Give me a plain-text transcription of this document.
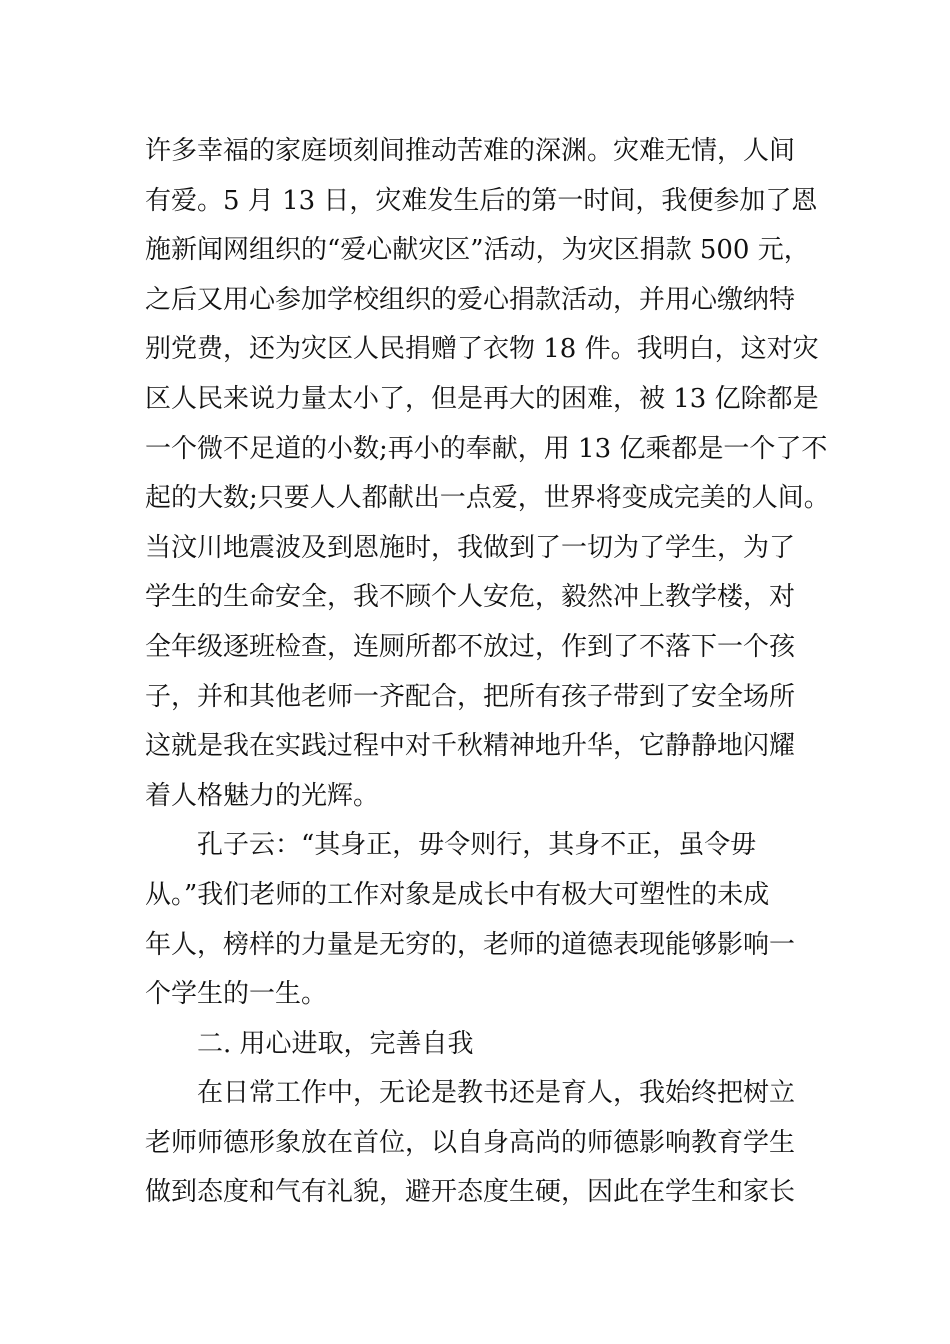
许多幸福的家庭顷刻间推动苦难的深渊。灾难无情，人间
有爱。5 月 13 日，灾难发生后的第一时间，我便参加了恩
施新闻网组织的“爱心献灾区”活动，为灾区捐款 500 元，
之后又用心参加学校组织的爱心捐款活动，并用心缴纳特
别党费，还为灾区人民捐赠了衣物 18 件。我明白，这对灾
区人民来说力量太小了，但是再大的困难，被 13 亿除都是
一个微不足道的小数;再小的奉献，用 13 亿乘都是一个了不
起的大数;只要人人都献出一点爱，世界将变成完美的人间。
当汶川地震波及到恩施时，我做到了一切为了学生，为了
学生的生命安全，我不顾个人安危，毅然冲上教学楼，对
全年级逐班检查，连厕所都不放过，作到了不落下一个孩
子，并和其他老师一齐配合，把所有孩子带到了安全场所
这就是我在实践过程中对千秋精神地升华，它静静地闪耀
着人格魅力的光辉。
孔子云：“其身正，毋令则行，其身不正，虽令毋
从。”我们老师的工作对象是成长中有极大可塑性的未成
年人，榜样的力量是无穷的，老师的道德表现能够影响一
个学生的一生。
二. 用心进取，完善自我
在日常工作中，无论是教书还是育人，我始终把树立
老师师德形象放在首位，以自身高尚的师德影响教育学生
做到态度和气有礼貌，避开态度生硬，因此在学生和家长
